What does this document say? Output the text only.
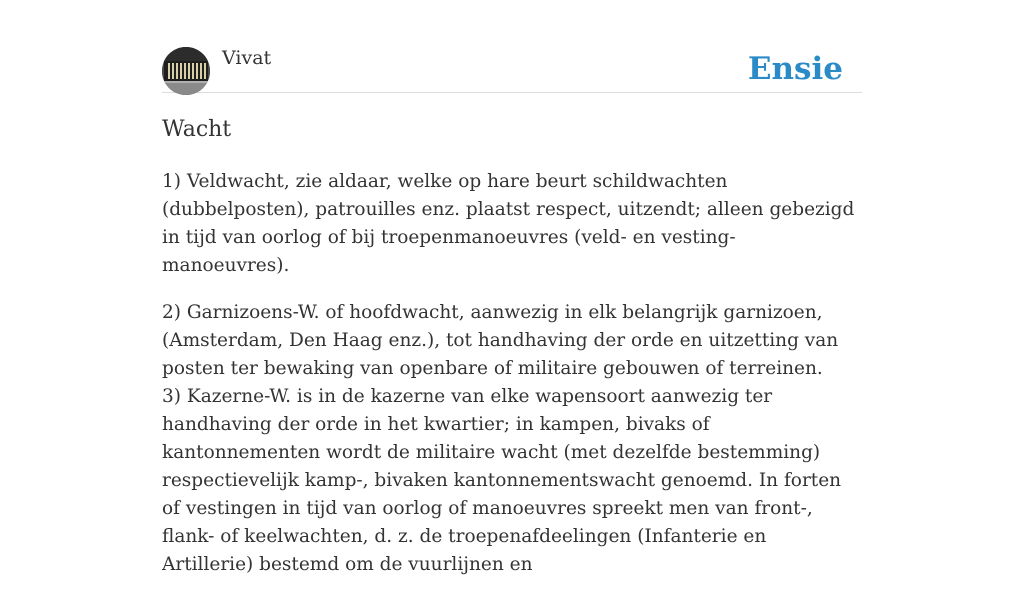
Vivat	Ensie
Wacht

1) Veldwacht, zie aldaar, welke op hare beurt schildwachten (dubbelposten), patrouilles enz. plaatst respect, uitzendt; alleen gebezigd in tijd van oorlog of bij troepenmanoeuvres (veld- en vesting-manoeuvres).

2) Garnizoens-W. of hoofdwacht, aanwezig in elk belangrijk garnizoen, (Amsterdam, Den Haag enz.), tot handhaving der orde en uitzetting van posten ter bewaking van openbare of militaire gebouwen of terreinen.
3) Kazerne-W. is in de kazerne van elke wapensoort aanwezig ter handhaving der orde in het kwartier; in kampen, bivaks of kantonnementen wordt de militaire wacht (met dezelfde bestemming) respectievelijk kamp-, bivaken kantonnementswacht genoemd. In forten of vestingen in tijd van oorlog of manoeuvres spreekt men van front-, flank- of keelwachten, d. z. de troepenafdeelingen (Infanterie en Artillerie) bestemd om de vuurlijnen en
